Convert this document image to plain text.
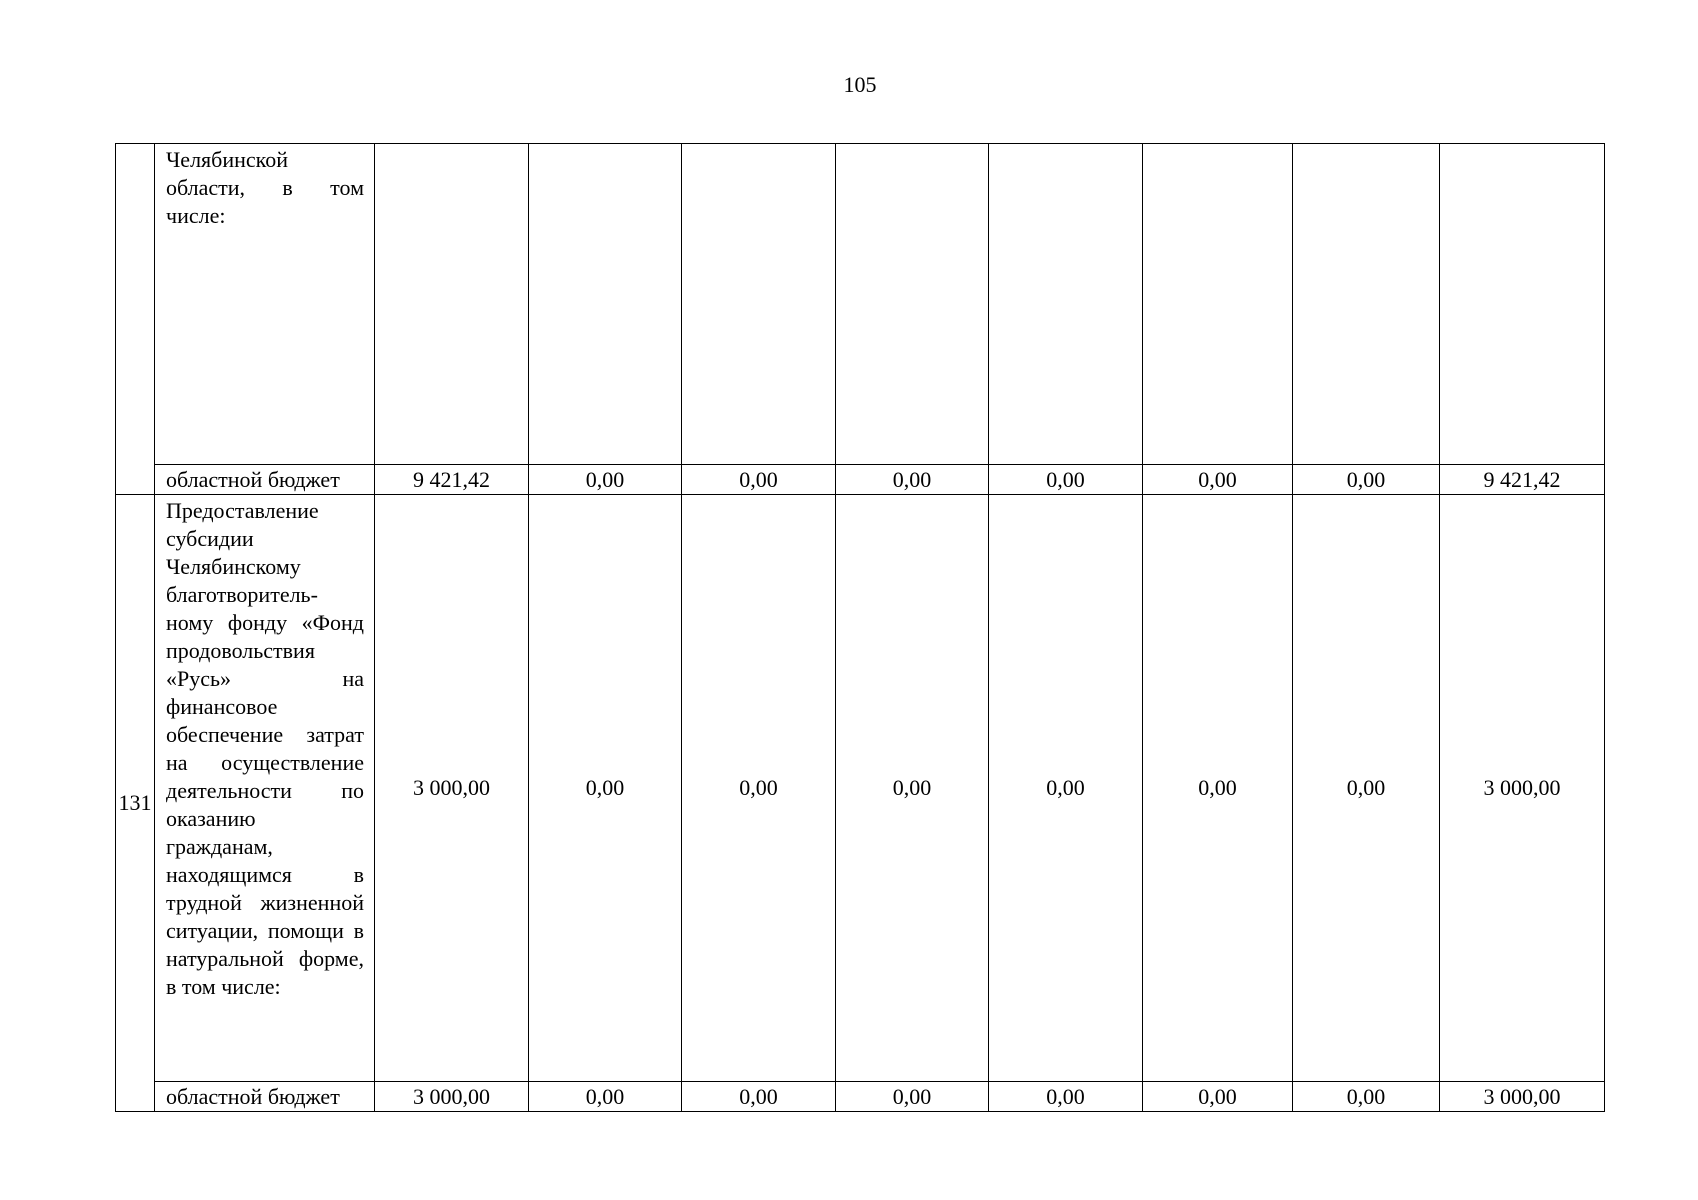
105
	Челябинской области, в том числе:								
	областной бюджет	9 421,42	0,00	0,00	0,00	0,00	0,00	0,00	9 421,42
131	Предоставление субсидии Челябинскому благотворитель-ному фонду «Фонд продовольствия «Русь» на финансовое обеспечение затрат на осуществление деятельности по оказанию гражданам, находящимся в трудной жизненной ситуации, помощи в натуральной форме, в том числе:	3 000,00	0,00	0,00	0,00	0,00	0,00	0,00	3 000,00
	областной бюджет	3 000,00	0,00	0,00	0,00	0,00	0,00	0,00	3 000,00
